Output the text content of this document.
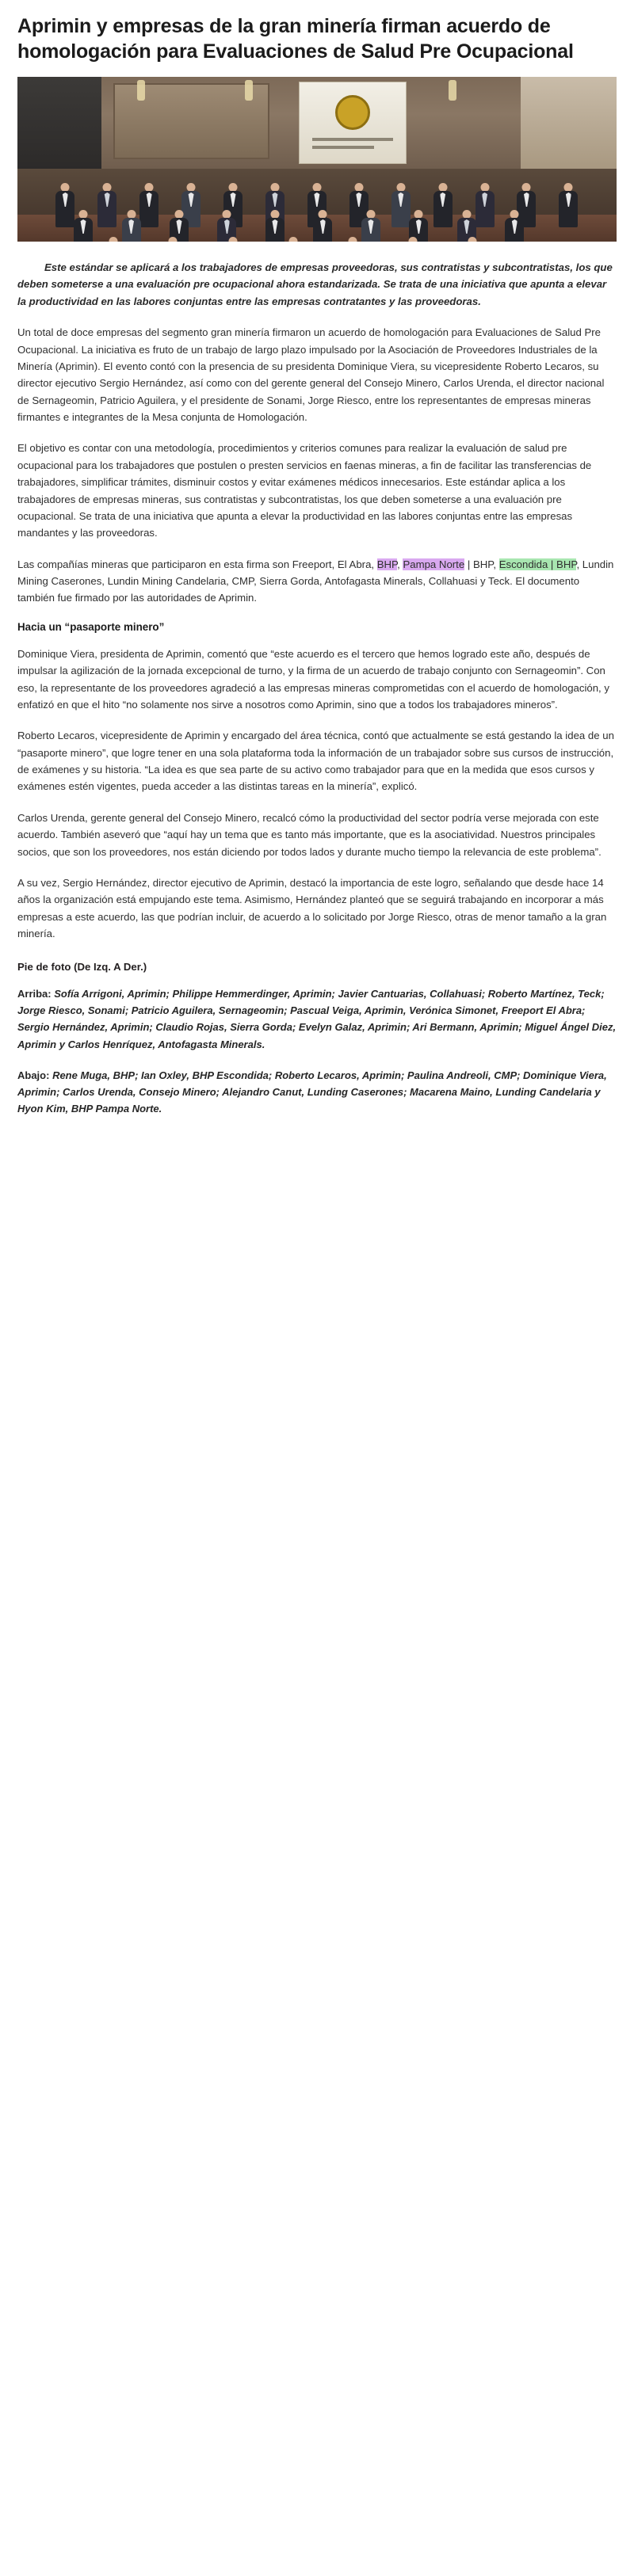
Aprimin y empresas de la gran minería firman acuerdo de homologación para Evaluaciones de Salud Pre Ocupacional

Este estándar se aplicará a los trabajadores de empresas proveedoras, sus contratistas y subcontratistas, los que deben someterse a una evaluación pre ocupacional ahora estandarizada. Se trata de una iniciativa que apunta a elevar la productividad en las labores conjuntas entre las empresas contratantes y las proveedoras.

Un total de doce empresas del segmento gran minería firmaron un acuerdo de homologación para Evaluaciones de Salud Pre Ocupacional. La iniciativa es fruto de un trabajo de largo plazo impulsado por la Asociación de Proveedores Industriales de la Minería (Aprimin). El evento contó con la presencia de su presidenta Dominique Viera, su vicepresidente Roberto Lecaros, su director ejecutivo Sergio Hernández, así como con del gerente general del Consejo Minero, Carlos Urenda, el director nacional de Sernageomin, Patricio Aguilera, y el presidente de Sonami, Jorge Riesco, entre los representantes de empresas mineras firmantes e integrantes de la Mesa conjunta de Homologación.

El objetivo es contar con una metodología, procedimientos y criterios comunes para realizar la evaluación de salud pre ocupacional para los trabajadores que postulen o presten servicios en faenas mineras, a fin de facilitar las transferencias de trabajadores, simplificar trámites, disminuir costos y evitar exámenes médicos innecesarios. Este estándar aplica a los trabajadores de empresas mineras, sus contratistas y subcontratistas, los que deben someterse a una evaluación pre ocupacional. Se trata de una iniciativa que apunta a elevar la productividad en las labores conjuntas entre las empresas mandantes y las proveedoras.

Las compañías mineras que participaron en esta firma son Freeport, El Abra, BHP, Pampa Norte | BHP, Escondida | BHP, Lundin Mining Caserones, Lundin Mining Candelaria, CMP, Sierra Gorda, Antofagasta Minerals, Collahuasi y Teck. El documento también fue firmado por las autoridades de Aprimin.

Hacia un “pasaporte minero”

Dominique Viera, presidenta de Aprimin, comentó que “este acuerdo es el tercero que hemos logrado este año, después de impulsar la agilización de la jornada excepcional de turno, y la firma de un acuerdo de trabajo conjunto con Sernageomin”. Con eso, la representante de los proveedores agradeció a las empresas mineras comprometidas con el acuerdo de homologación, y enfatizó en que el hito “no solamente nos sirve a nosotros como Aprimin, sino que a todos los trabajadores mineros”.

Roberto Lecaros, vicepresidente de Aprimin y encargado del área técnica, contó que actualmente se está gestando la idea de un “pasaporte minero”, que logre tener en una sola plataforma toda la información de un trabajador sobre sus cursos de instrucción, de exámenes y su historia. “La idea es que sea parte de su activo como trabajador para que en la medida que esos cursos y exámenes estén vigentes, pueda acceder a las distintas tareas en la minería”, explicó.

Carlos Urenda, gerente general del Consejo Minero, recalcó cómo la productividad del sector podría verse mejorada con este acuerdo. También aseveró que “aquí hay un tema que es tanto más importante, que es la asociatividad. Nuestros principales socios, que son los proveedores, nos están diciendo por todos lados y durante mucho tiempo la relevancia de este problema”.

A su vez, Sergio Hernández, director ejecutivo de Aprimin, destacó la importancia de este logro, señalando que desde hace 14 años la organización está empujando este tema. Asimismo, Hernández planteó que se seguirá trabajando en incorporar a más empresas a este acuerdo, las que podrían incluir, de acuerdo a lo solicitado por Jorge Riesco, otras de menor tamaño a la gran minería.

Pie de foto (De Izq. A Der.)

Arriba: Sofía Arrigoni, Aprimin; Philippe Hemmerdinger, Aprimin; Javier Cantuarias, Collahuasi; Roberto Martínez, Teck; Jorge Riesco, Sonami; Patricio Aguilera, Sernageomin; Pascual Veiga, Aprimin, Verónica Simonet, Freeport El Abra; Sergio Hernández, Aprimin; Claudio Rojas, Sierra Gorda; Evelyn Galaz, Aprimin; Ari Bermann, Aprimin; Miguel Ángel Diez, Aprimin y Carlos Henríquez, Antofagasta Minerals.

Abajo: Rene Muga, BHP; Ian Oxley, BHP Escondida; Roberto Lecaros, Aprimin; Paulina Andreoli, CMP; Dominique Viera, Aprimin; Carlos Urenda, Consejo Minero; Alejandro Canut, Lunding Caserones; Macarena Maino, Lunding Candelaria y Hyon Kim, BHP Pampa Norte.
